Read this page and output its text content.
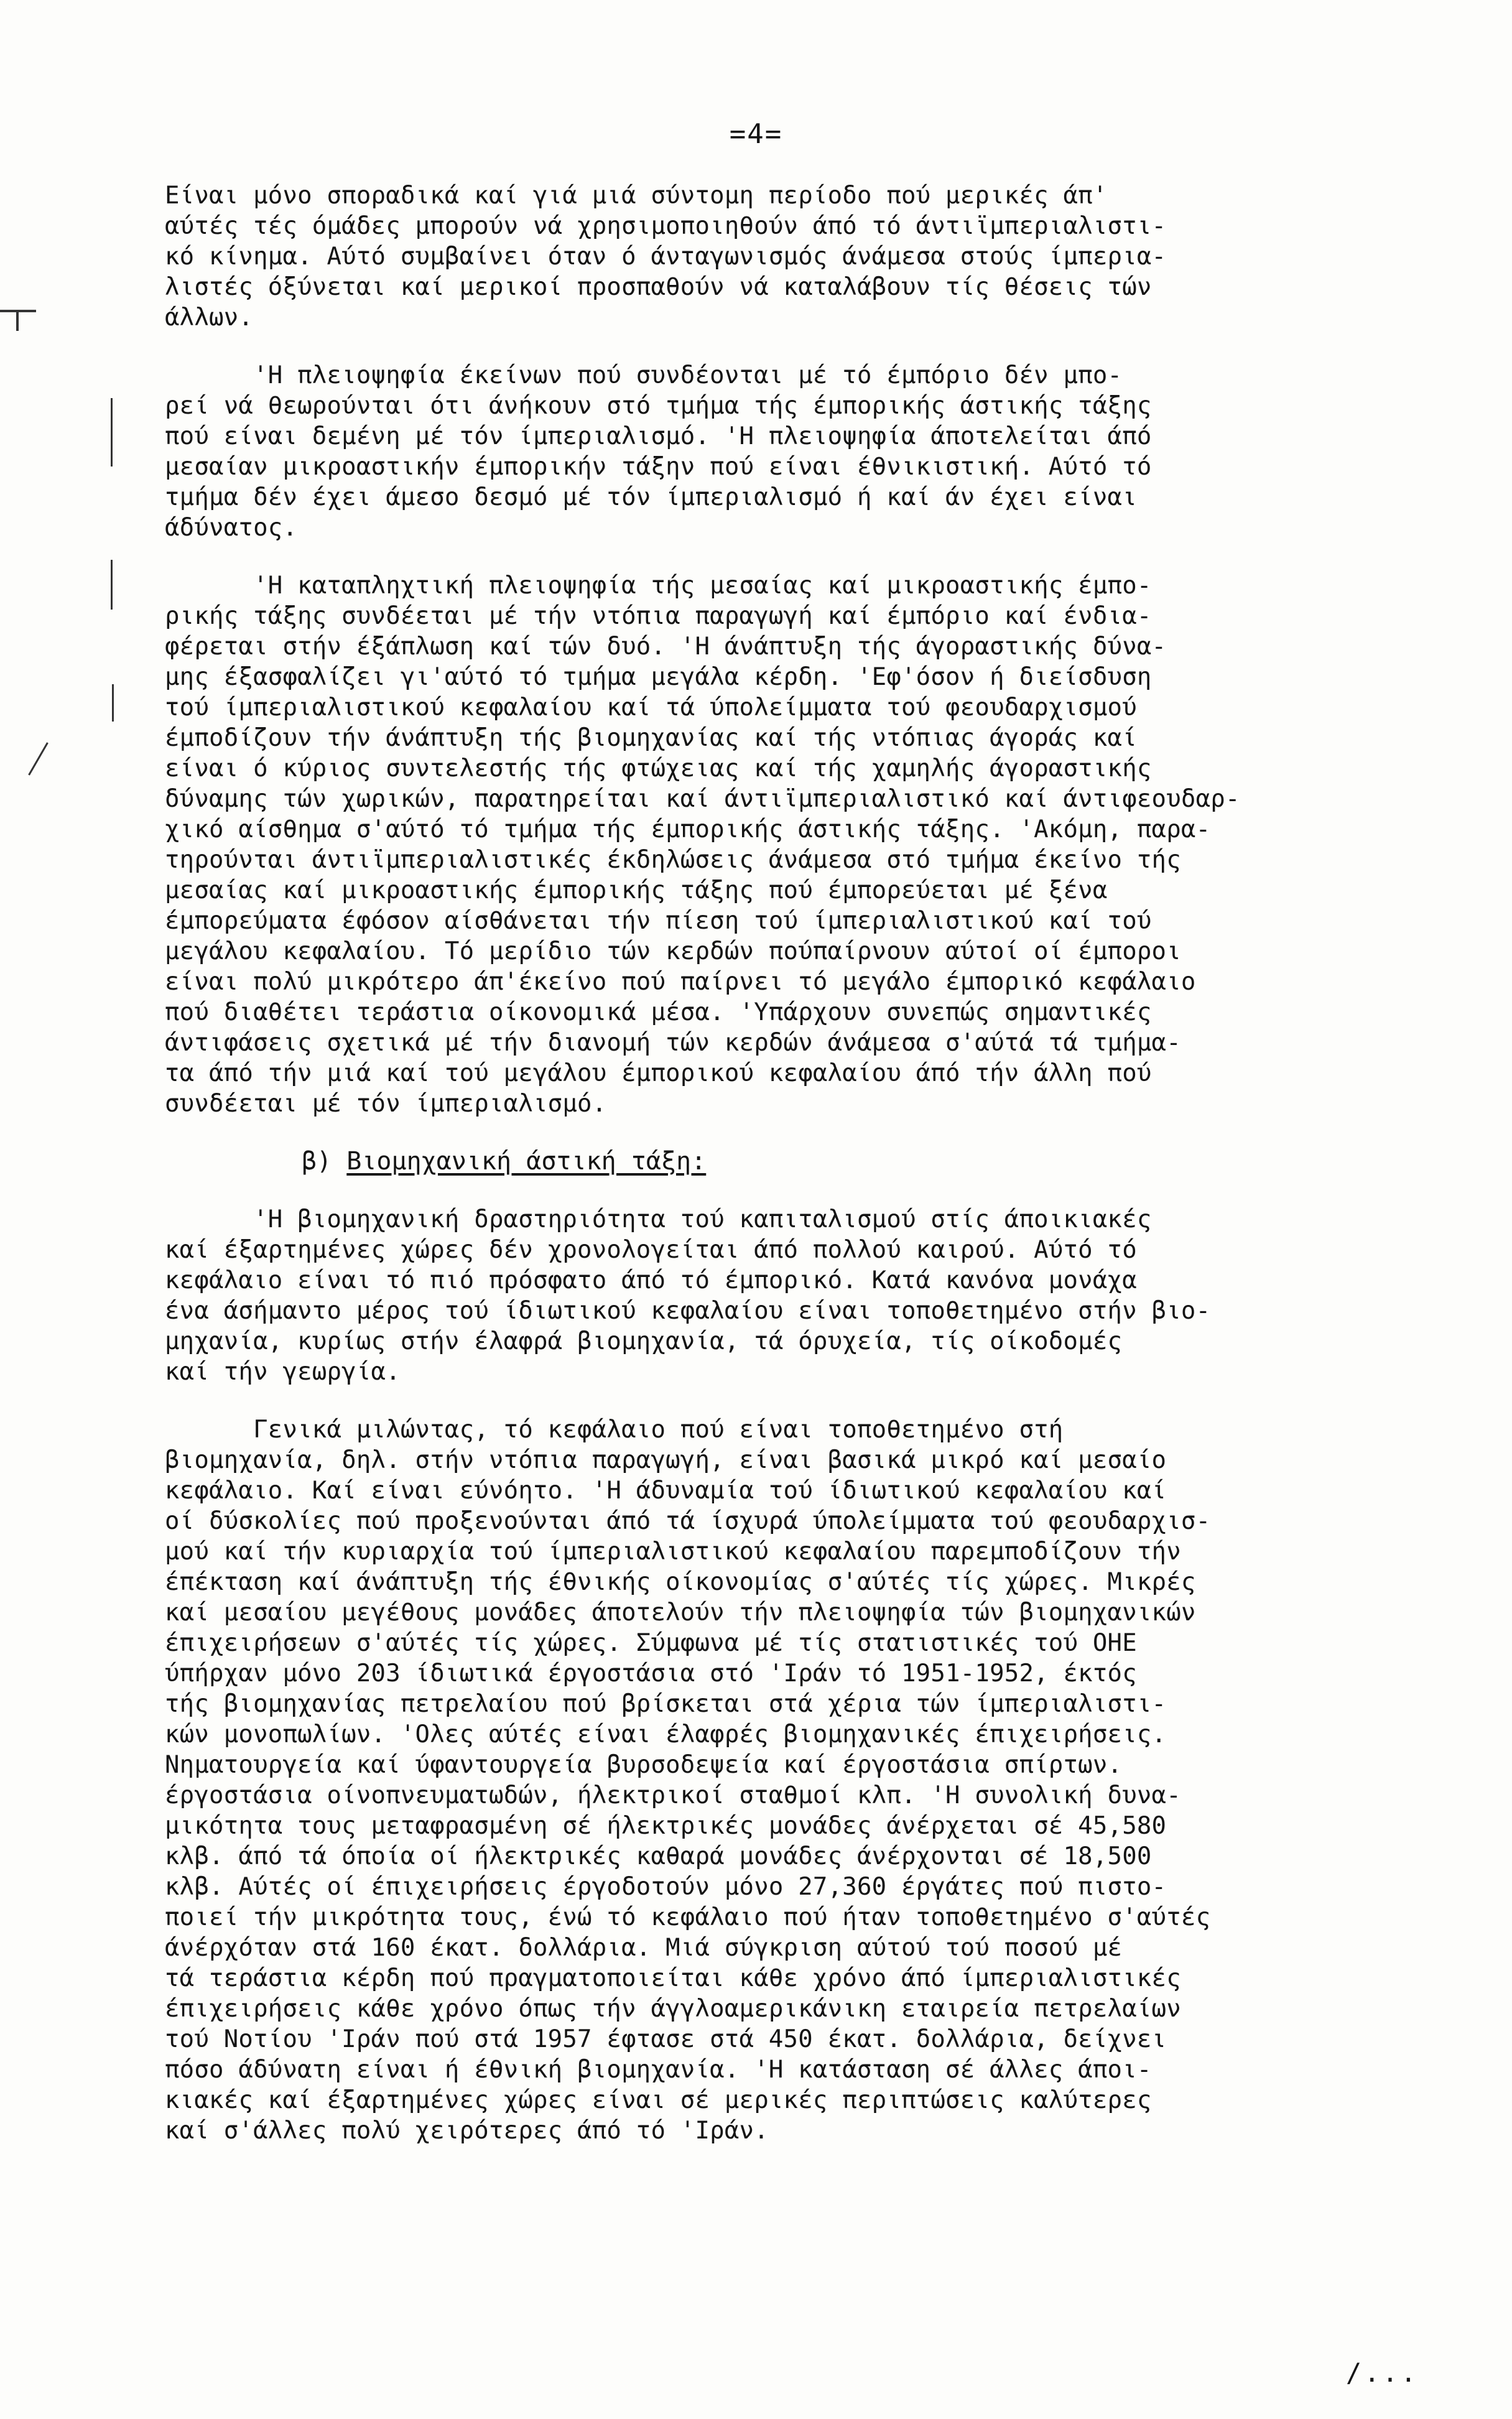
=4=
Είναι μόνο σποραδικά καί γιά μιά σύντομη περίοδο πού μερικές άπ'
αύτές τές όμάδες μπορούν νά χρησιμοποιηθούν άπό τό άντιϊμπεριαλιστι-
κό κίνημα. Αύτό συμβαίνει όταν ό άνταγωνισμός άνάμεσα στούς ίμπερια-
λιστές όξύνεται καί μερικοί προσπαθούν νά καταλάβουν τίς θέσεις τών
άλλων.
'Η πλειοψηφία έκείνων πού συνδέονται μέ τό έμπόριο δέν μπο-
ρεί νά θεωρούνται ότι άνήκουν στό τμήμα τής έμπορικής άστικής τάξης
πού είναι δεμένη μέ τόν ίμπεριαλισμό. 'Η πλειοψηφία άποτελείται άπό
μεσαίαν μικροαστικήν έμπορικήν τάξην πού είναι έθνικιστική. Αύτό τό
τμήμα δέν έχει άμεσο δεσμό μέ τόν ίμπεριαλισμό ή καί άν έχει είναι
άδύνατος.
'Η καταπληχτική πλειοψηφία τής μεσαίας καί μικροαστικής έμπο-
ρικής τάξης συνδέεται μέ τήν ντόπια παραγωγή καί έμπόριο καί ένδια-
φέρεται στήν έξάπλωση καί τών δυό. 'Η άνάπτυξη τής άγοραστικής δύνα-
μης έξασφαλίζει γι'αύτό τό τμήμα μεγάλα κέρδη. 'Εφ'όσον ή διείσδυση
τού ίμπεριαλιστικού κεφαλαίου καί τά ύπολείμματα τού φεουδαρχισμού
έμποδίζουν τήν άνάπτυξη τής βιομηχανίας καί τής ντόπιας άγοράς καί
είναι ό κύριος συντελεστής τής φτώχειας καί τής χαμηλής άγοραστικής
δύναμης τών χωρικών, παρατηρείται καί άντιϊμπεριαλιστικό καί άντιφεουδαρ-
χικό αίσθημα σ'αύτό τό τμήμα τής έμπορικής άστικής τάξης. 'Ακόμη, παρα-
τηρούνται άντιϊμπεριαλιστικές έκδηλώσεις άνάμεσα στό τμήμα έκείνο τής
μεσαίας καί μικροαστικής έμπορικής τάξης πού έμπορεύεται μέ ξένα
έμπορεύματα έφόσον αίσθάνεται τήν πίεση τού ίμπεριαλιστικού καί τού
μεγάλου κεφαλαίου. Τό μερίδιο τών κερδών πούπαίρνουν αύτοί οί έμποροι
είναι πολύ μικρότερο άπ'έκείνο πού παίρνει τό μεγάλο έμπορικό κεφάλαιο
πού διαθέτει τεράστια οίκονομικά μέσα. 'Υπάρχουν συνεπώς σημαντικές
άντιφάσεις σχετικά μέ τήν διανομή τών κερδών άνάμεσα σ'αύτά τά τμήμα-
τα άπό τήν μιά καί τού μεγάλου έμπορικού κεφαλαίου άπό τήν άλλη πού
συνδέεται μέ τόν ίμπεριαλισμό.
β) Βιομηχανική άστική τάξη:
'Η βιομηχανική δραστηριότητα τού καπιταλισμού στίς άποικιακές
καί έξαρτημένες χώρες δέν χρονολογείται άπό πολλού καιρού. Αύτό τό
κεφάλαιο είναι τό πιό πρόσφατο άπό τό έμπορικό. Κατά κανόνα μονάχα
ένα άσήμαντο μέρος τού ίδιωτικού κεφαλαίου είναι τοποθετημένο στήν βιο-
μηχανία, κυρίως στήν έλαφρά βιομηχανία, τά όρυχεία, τίς οίκοδομές
καί τήν γεωργία.
Γενικά μιλώντας, τό κεφάλαιο πού είναι τοποθετημένο στή
βιομηχανία, δηλ. στήν ντόπια παραγωγή, είναι βασικά μικρό καί μεσαίο
κεφάλαιο. Καί είναι εύνόητο. 'Η άδυναμία τού ίδιωτικού κεφαλαίου καί
οί δύσκολίες πού προξενούνται άπό τά ίσχυρά ύπολείμματα τού φεουδαρχισ-
μού καί τήν κυριαρχία τού ίμπεριαλιστικού κεφαλαίου παρεμποδίζουν τήν
έπέκταση καί άνάπτυξη τής έθνικής οίκονομίας σ'αύτές τίς χώρες. Μικρές
καί μεσαίου μεγέθους μονάδες άποτελούν τήν πλειοψηφία τών βιομηχανικών
έπιχειρήσεων σ'αύτές τίς χώρες. Σύμφωνα μέ τίς στατιστικές τού ΟΗΕ
ύπήρχαν μόνο 203 ίδιωτικά έργοστάσια στό 'Ιράν τό 1951-1952, έκτός
τής βιομηχανίας πετρελαίου πού βρίσκεται στά χέρια τών ίμπεριαλιστι-
κών μονοπωλίων. 'Ολες αύτές είναι έλαφρές βιομηχανικές έπιχειρήσεις.
Νηματουργεία καί ύφαντουργεία βυρσοδεψεία καί έργοστάσια σπίρτων.
έργοστάσια οίνοπνευματωδών, ήλεκτρικοί σταθμοί κλπ. 'Η συνολική δυνα-
μικότητα τους μεταφρασμένη σέ ήλεκτρικές μονάδες άνέρχεται σέ 45,580
κλβ. άπό τά όποία οί ήλεκτρικές καθαρά μονάδες άνέρχονται σέ 18,500
κλβ. Αύτές οί έπιχειρήσεις έργοδοτούν μόνο 27,360 έργάτες πού πιστο-
ποιεί τήν μικρότητα τους, ένώ τό κεφάλαιο πού ήταν τοποθετημένο σ'αύτές
άνέρχόταν στά 160 έκατ. δολλάρια. Μιά σύγκριση αύτού τού ποσού μέ
τά τεράστια κέρδη πού πραγματοποιείται κάθε χρόνο άπό ίμπεριαλιστικές
έπιχειρήσεις κάθε χρόνο όπως τήν άγγλοαμερικάνικη εταιρεία πετρελαίων
τού Νοτίου 'Ιράν πού στά 1957 έφτασε στά 450 έκατ. δολλάρια, δείχνει
πόσο άδύνατη είναι ή έθνική βιομηχανία. 'Η κατάσταση σέ άλλες άποι-
κιακές καί έξαρτημένες χώρες είναι σέ μερικές περιπτώσεις καλύτερες
καί σ'άλλες πολύ χειρότερες άπό τό 'Ιράν.
/...
